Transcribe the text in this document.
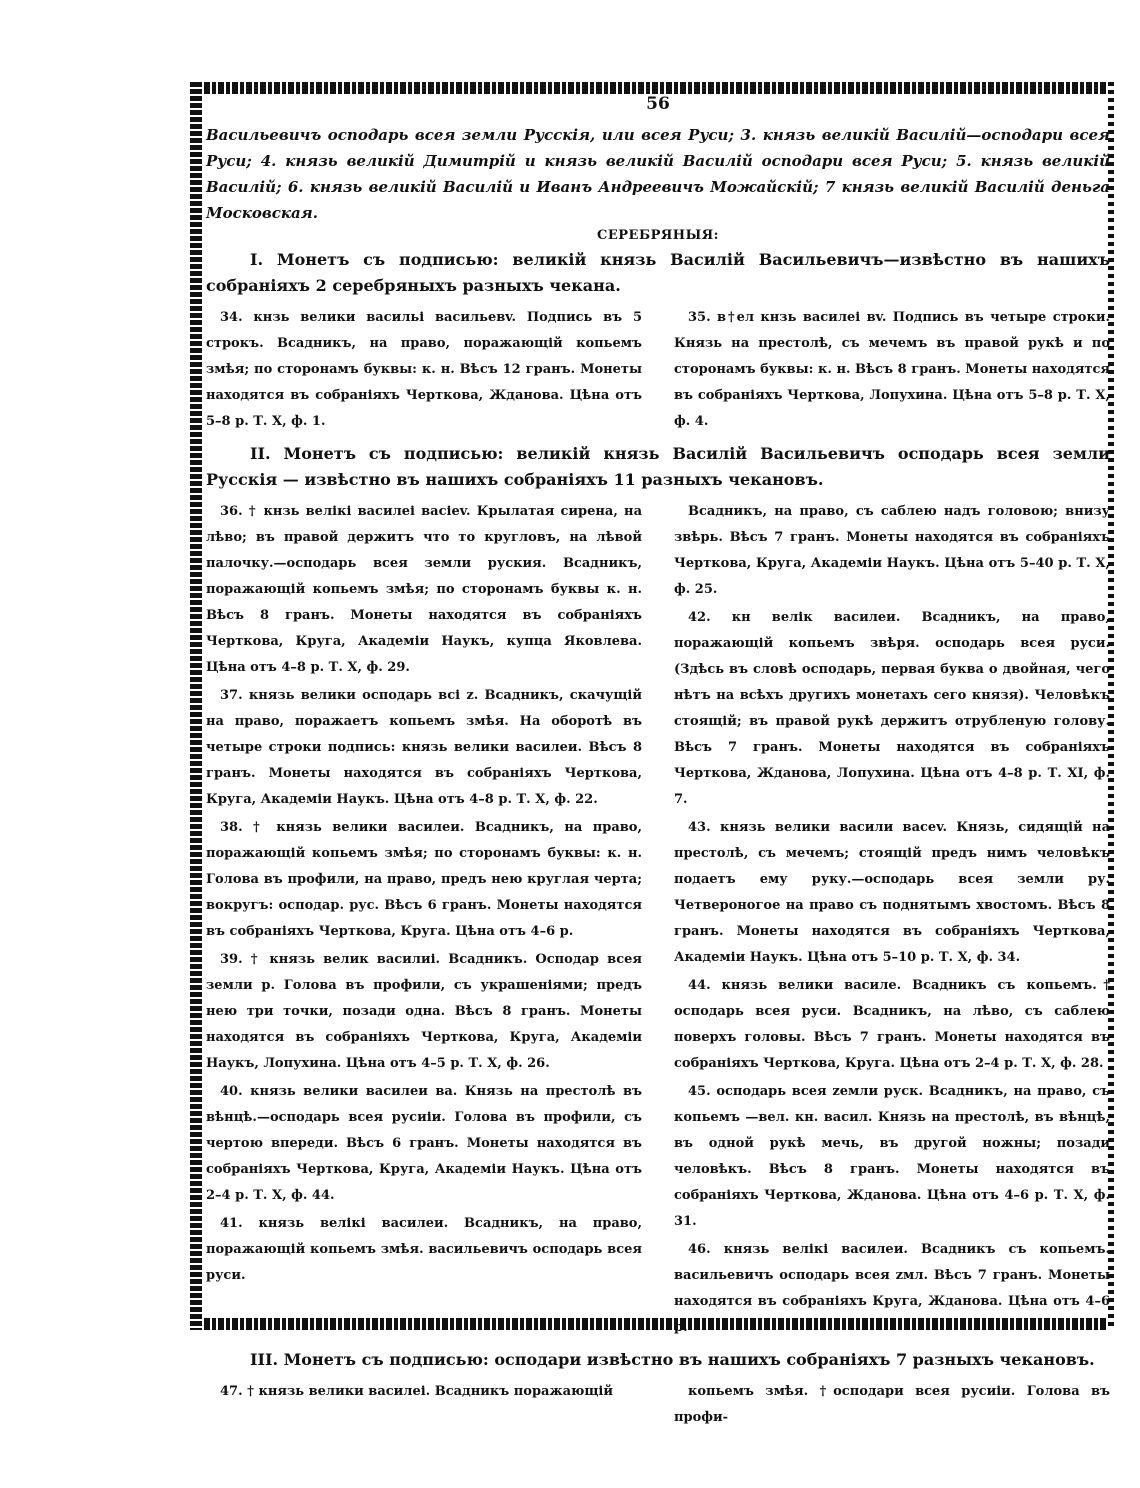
56

Васильевичъ осподарь всея земли Русскія, или всея Руси; 3. князь великій Василій—осподари всея Руси; 4. князь великій Димитрій и князь великій Василій осподари всея Руси; 5. князь великій Василій; 6. князь великій Василій и Иванъ Андреевичъ Можайскій; 7 князь великій Василій деньга Московская.

СЕРЕБРЯНЫЯ:

I. Монетъ съ подписью: великій князь Василій Васильевичъ—извѣстно въ нашихъ собраніяхъ 2 серебряныхъ разныхъ чекана.

34. кнзь велики васильі васильевv. Подпись въ 5 строкъ. Всадникъ, на право, поражающій копьемъ змѣя; по сторонамъ буквы: к. н. Вѣсъ 12 гранъ. Монеты находятся въ собраніяхъ Черткова, Жданова. Цѣна отъ 5–8 р. Т. X, ф. 1.

35. в†ел кнзь василеі вv. Подпись въ четыре строки. Князь на престолѣ, съ мечемъ въ правой рукѣ и по сторонамъ буквы: к. н. Вѣсъ 8 гранъ. Монеты находятся въ собраніяхъ Черткова, Лопухина. Цѣна отъ 5–8 р. Т. X, ф. 4.

II. Монетъ съ подписью: великій князь Василій Васильевичъ осподарь всея земли Русскія — извѣстно въ нашихъ собраніяхъ 11 разныхъ чекановъ.

36. † кнзь велікі василеі васіеv. Крылатая сирена, на лѣво; въ правой держитъ что то кругловъ, на лѣвой палочку.—осподарь всея земли руския. Всадникъ, поражающій копьемъ змѣя; по сторонамъ буквы к. н. Вѣсъ 8 гранъ. Монеты находятся въ собраніяхъ Черткова, Круга, Академіи Наукъ, купца Яковлева. Цѣна отъ 4–8 р. Т. X, ф. 29.

37. князь велики осподарь всі z. Всадникъ, скачущій на право, поражаетъ копьемъ змѣя. На оборотѣ въ четыре строки подпись: князь велики василеи. Вѣсъ 8 гранъ. Монеты находятся въ собраніяхъ Черткова, Круга, Академіи Наукъ. Цѣна отъ 4–8 р. Т. X, ф. 22.

38. † князь велики василеи. Всадникъ, на право, поражающій копьемъ змѣя; по сторонамъ буквы: к. н. Голова въ профили, на право, предъ нею круглая черта; вокругъ: осподар. рус. Вѣсъ 6 гранъ. Монеты находятся въ собраніяхъ Черткова, Круга. Цѣна отъ 4–6 р.

39. † князь велик василиі. Всадникъ. Осподар всея земли р. Голова въ профили, съ украшеніями; предъ нею три точки, позади одна. Вѣсъ 8 гранъ. Монеты находятся въ собраніяхъ Черткова, Круга, Академіи Наукъ, Лопухина. Цѣна отъ 4–5 р. Т. X, ф. 26.

40. князь велики василеи ва. Князь на престолѣ въ вѣнцѣ.—осподарь всея русиіи. Голова въ профили, съ чертою впереди. Вѣсъ 6 гранъ. Монеты находятся въ собраніяхъ Черткова, Круга, Академіи Наукъ. Цѣна отъ 2–4 р. Т. X, ф. 44.

41. князь велікі василеи. Всадникъ, на право, поражающій копьемъ змѣя. васильевичъ осподарь всея руси.

Всадникъ, на право, съ саблею надъ головою; внизу звѣрь. Вѣсъ 7 гранъ. Монеты находятся въ собраніяхъ Черткова, Круга, Академіи Наукъ. Цѣна отъ 5–40 р. Т. X, ф. 25.

42. кн велік василеи. Всадникъ, на право, поражающій копьемъ звѣря. осподарь всея руси. (Здѣсь въ словѣ осподарь, первая буква о двойная, чего нѣтъ на всѣхъ другихъ монетахъ сего князя). Человѣкъ стоящій; въ правой рукѣ держитъ отрубленую голову. Вѣсъ 7 гранъ. Монеты находятся въ собраніяхъ Черткова, Жданова, Лопухина. Цѣна отъ 4–8 р. Т. XI, ф. 7.

43. князь велики васили васеv. Князь, сидящій на престолѣ, съ мечемъ; стоящій предъ нимъ человѣкъ подаетъ ему руку.—осподарь всея земли ру. Четвероногое на право съ поднятымъ хвостомъ. Вѣсъ 8 гранъ. Монеты находятся въ собраніяхъ Черткова, Академіи Наукъ. Цѣна отъ 5–10 р. Т. X, ф. 34.

44. князь велики василе. Всадникъ съ копьемъ.† осподарь всея руси. Всадникъ, на лѣво, съ саблею поверхъ головы. Вѣсъ 7 гранъ. Монеты находятся въ собраніяхъ Черткова, Круга. Цѣна отъ 2–4 р. Т. X, ф. 28.

45. осподарь всея zемли руск. Всадникъ, на право, съ копьемъ —вел. кн. васил. Князь на престолѣ, въ вѣнцѣ, въ одной рукѣ мечь, въ другой ножны; позади человѣкъ. Вѣсъ 8 гранъ. Монеты находятся въ собраніяхъ Черткова, Жданова. Цѣна отъ 4–6 р. Т. X, ф. 31.

46. князь велікі василеи. Всадникъ съ копьемъ. васильевичъ осподарь всея zмл. Вѣсъ 7 гранъ. Монеты находятся въ собраніяхъ Круга, Жданова. Цѣна отъ 4–6 р.

III. Монетъ съ подписью: осподари извѣстно въ нашихъ собраніяхъ 7 разныхъ чекановъ.

47. † князь велики василеі. Всадникъ поражающій	копьемъ змѣя. †осподари всея русиіи. Голова въ профи-
